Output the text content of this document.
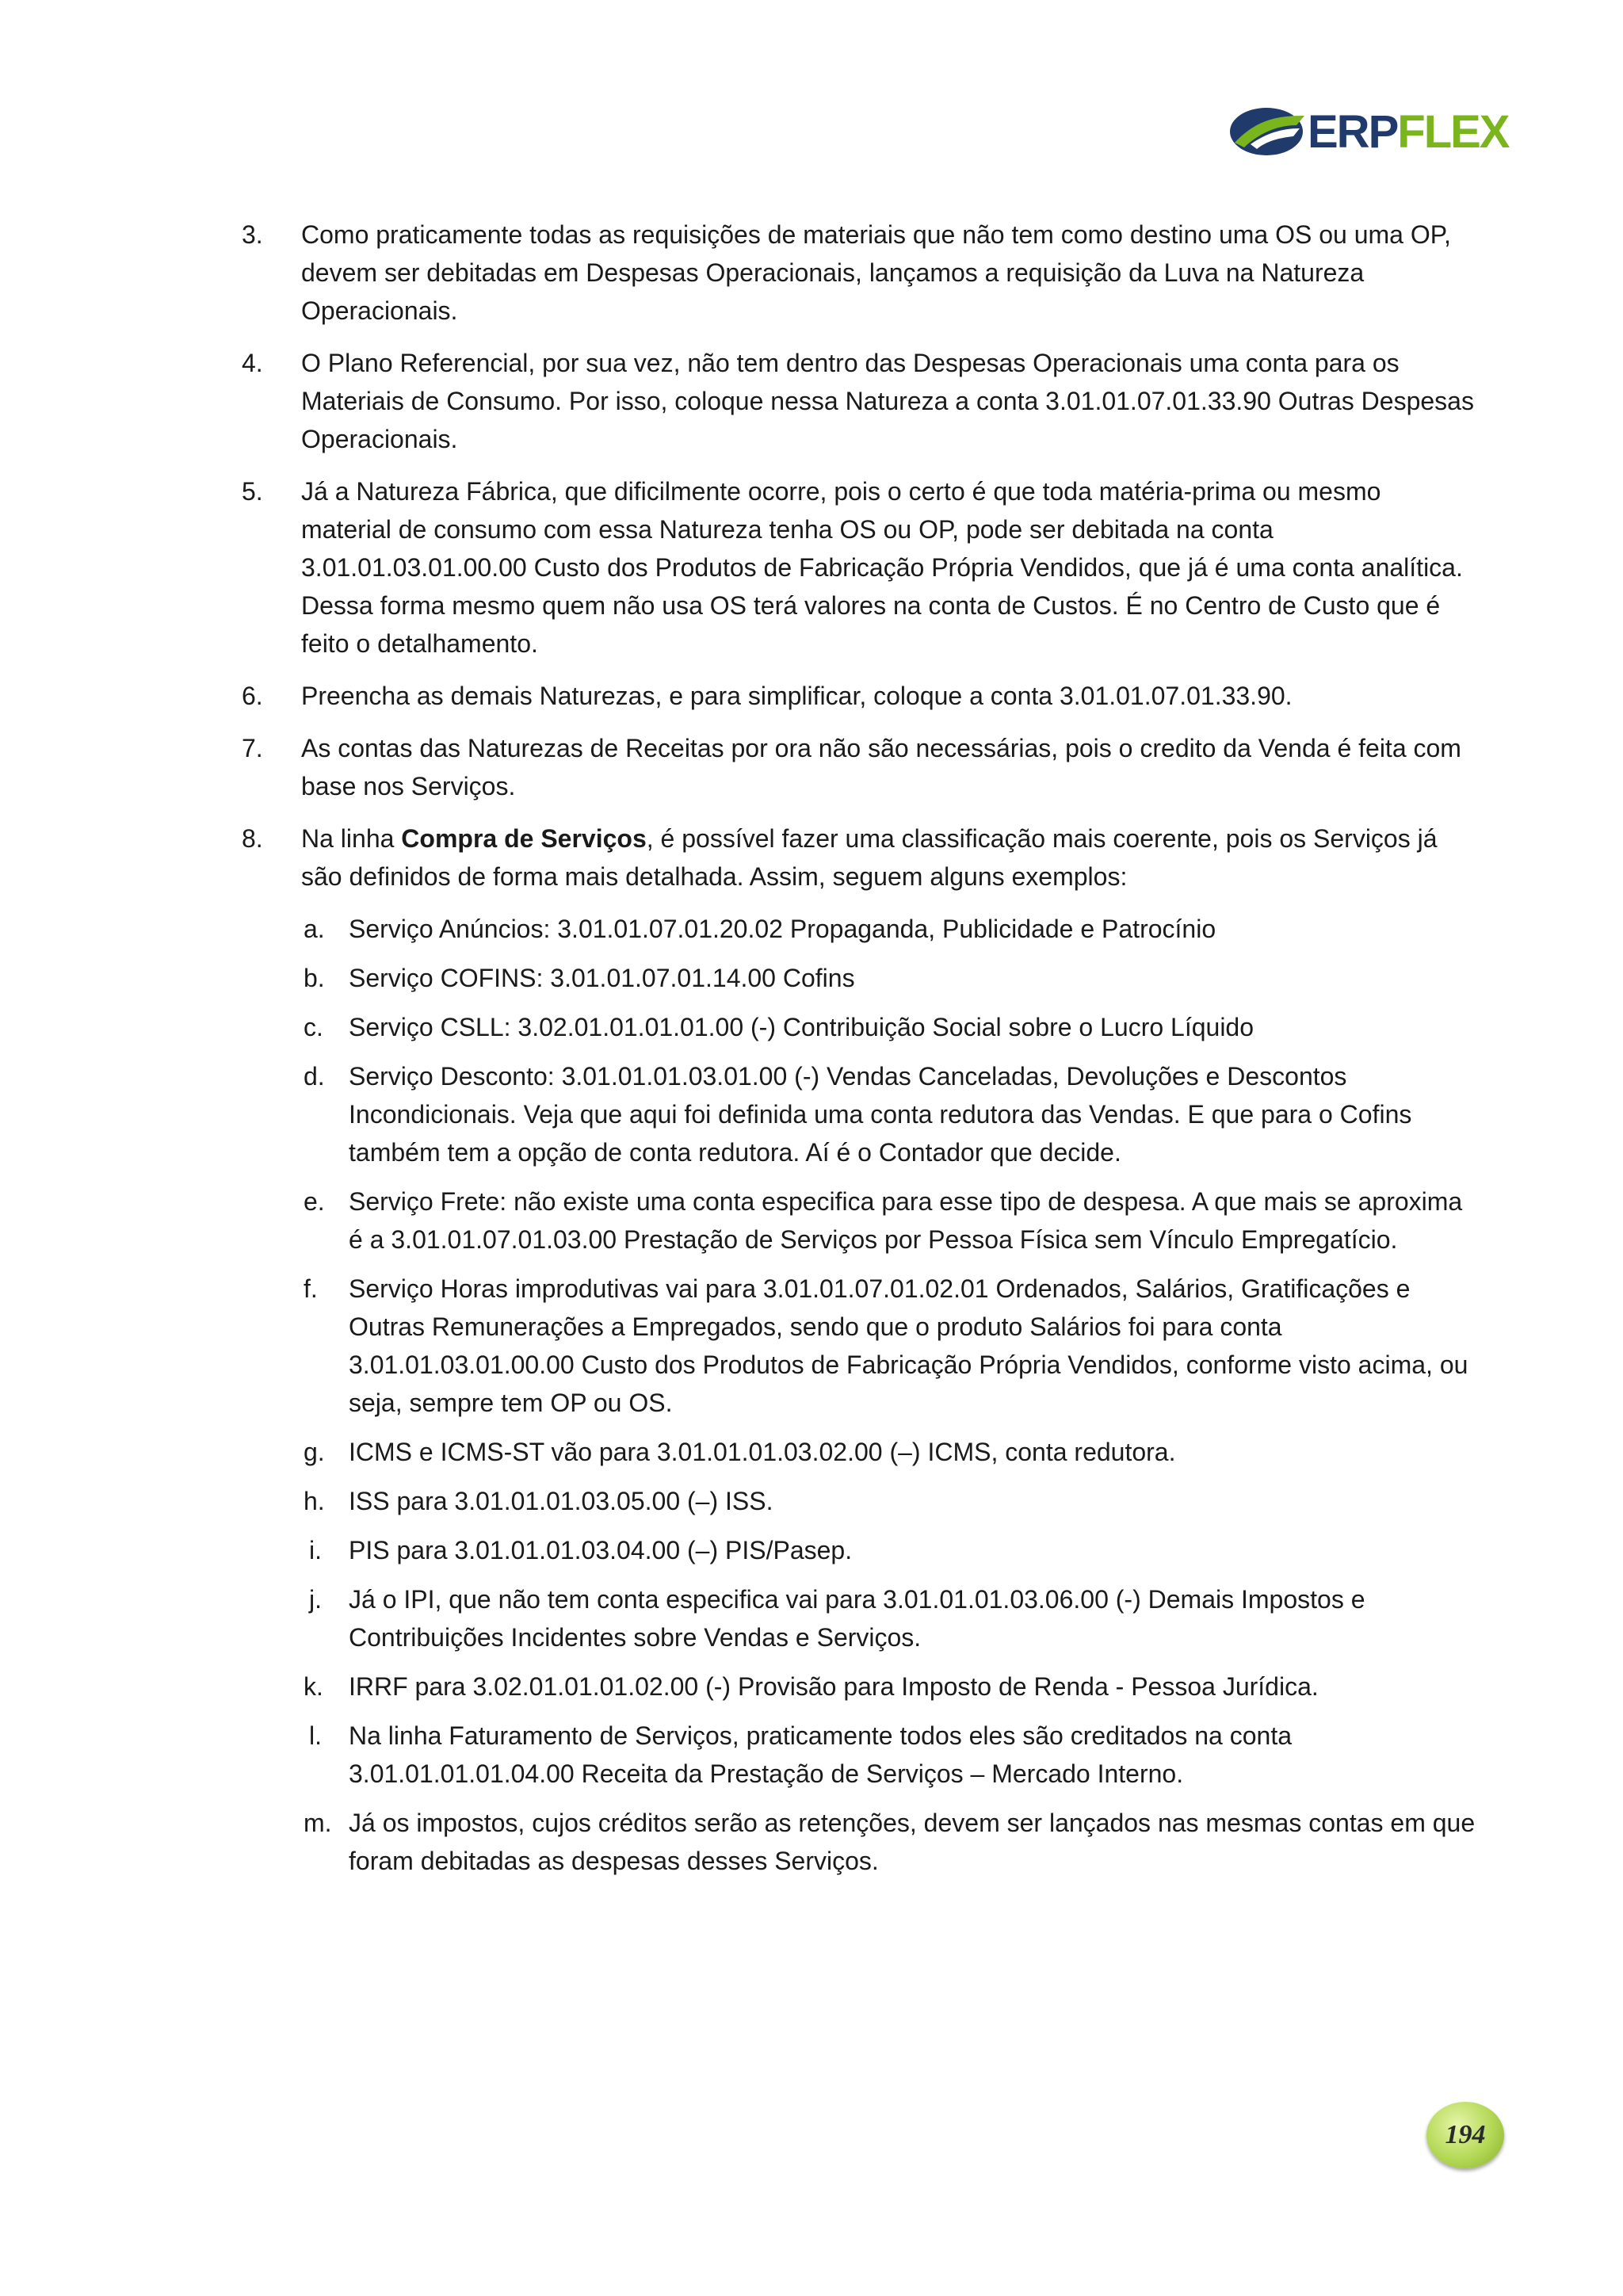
ERPFLEX
3. Como praticamente todas as requisições de materiais que não tem como destino uma OS ou uma OP, devem ser debitadas em Despesas Operacionais, lançamos a requisição da Luva na Natureza Operacionais.
4. O Plano Referencial, por sua vez, não tem dentro das Despesas Operacionais uma conta para os Materiais de Consumo. Por isso, coloque nessa Natureza a conta 3.01.01.07.01.33.90 Outras Despesas Operacionais.
5. Já a Natureza Fábrica, que dificilmente ocorre, pois o certo é que toda matéria-prima ou mesmo material de consumo com essa Natureza tenha OS ou OP, pode ser debitada na conta 3.01.01.03.01.00.00 Custo dos Produtos de Fabricação Própria Vendidos, que já é uma conta analítica. Dessa forma mesmo quem não usa OS terá valores na conta de Custos. É no Centro de Custo que é feito o detalhamento.
6. Preencha as demais Naturezas, e para simplificar, coloque a conta 3.01.01.07.01.33.90.
7. As contas das Naturezas de Receitas por ora não são necessárias, pois o credito da Venda é feita com base nos Serviços.
8. Na linha Compra de Serviços, é possível fazer uma classificação mais coerente, pois os Serviços já são definidos de forma mais detalhada. Assim, seguem alguns exemplos:
a. Serviço Anúncios: 3.01.01.07.01.20.02 Propaganda, Publicidade e Patrocínio
b. Serviço COFINS: 3.01.01.07.01.14.00 Cofins
c. Serviço CSLL: 3.02.01.01.01.01.00 (-) Contribuição Social sobre o Lucro Líquido
d. Serviço Desconto: 3.01.01.01.03.01.00 (-) Vendas Canceladas, Devoluções e Descontos Incondicionais. Veja que aqui foi definida uma conta redutora das Vendas. E que para o Cofins também tem a opção de conta redutora. Aí é o Contador que decide.
e. Serviço Frete: não existe uma conta especifica para esse tipo de despesa. A que mais se aproxima é a 3.01.01.07.01.03.00 Prestação de Serviços por Pessoa Física sem Vínculo Empregatício.
f. Serviço Horas improdutivas vai para 3.01.01.07.01.02.01 Ordenados, Salários, Gratificações e Outras Remunerações a Empregados, sendo que o produto Salários foi para conta 3.01.01.03.01.00.00 Custo dos Produtos de Fabricação Própria Vendidos, conforme visto acima, ou seja, sempre tem OP ou OS.
g. ICMS e ICMS-ST vão para 3.01.01.01.03.02.00 (–) ICMS, conta redutora.
h. ISS para 3.01.01.01.03.05.00 (–) ISS.
i. PIS para 3.01.01.01.03.04.00 (–) PIS/Pasep.
j. Já o IPI, que não tem conta especifica vai para 3.01.01.01.03.06.00 (-) Demais Impostos e Contribuições Incidentes sobre Vendas e Serviços.
k. IRRF para 3.02.01.01.01.02.00 (-) Provisão para Imposto de Renda - Pessoa Jurídica.
l. Na linha Faturamento de Serviços, praticamente todos eles são creditados na conta 3.01.01.01.01.04.00 Receita da Prestação de Serviços – Mercado Interno.
m. Já os impostos, cujos créditos serão as retenções, devem ser lançados nas mesmas contas em que foram debitadas as despesas desses Serviços.
194
